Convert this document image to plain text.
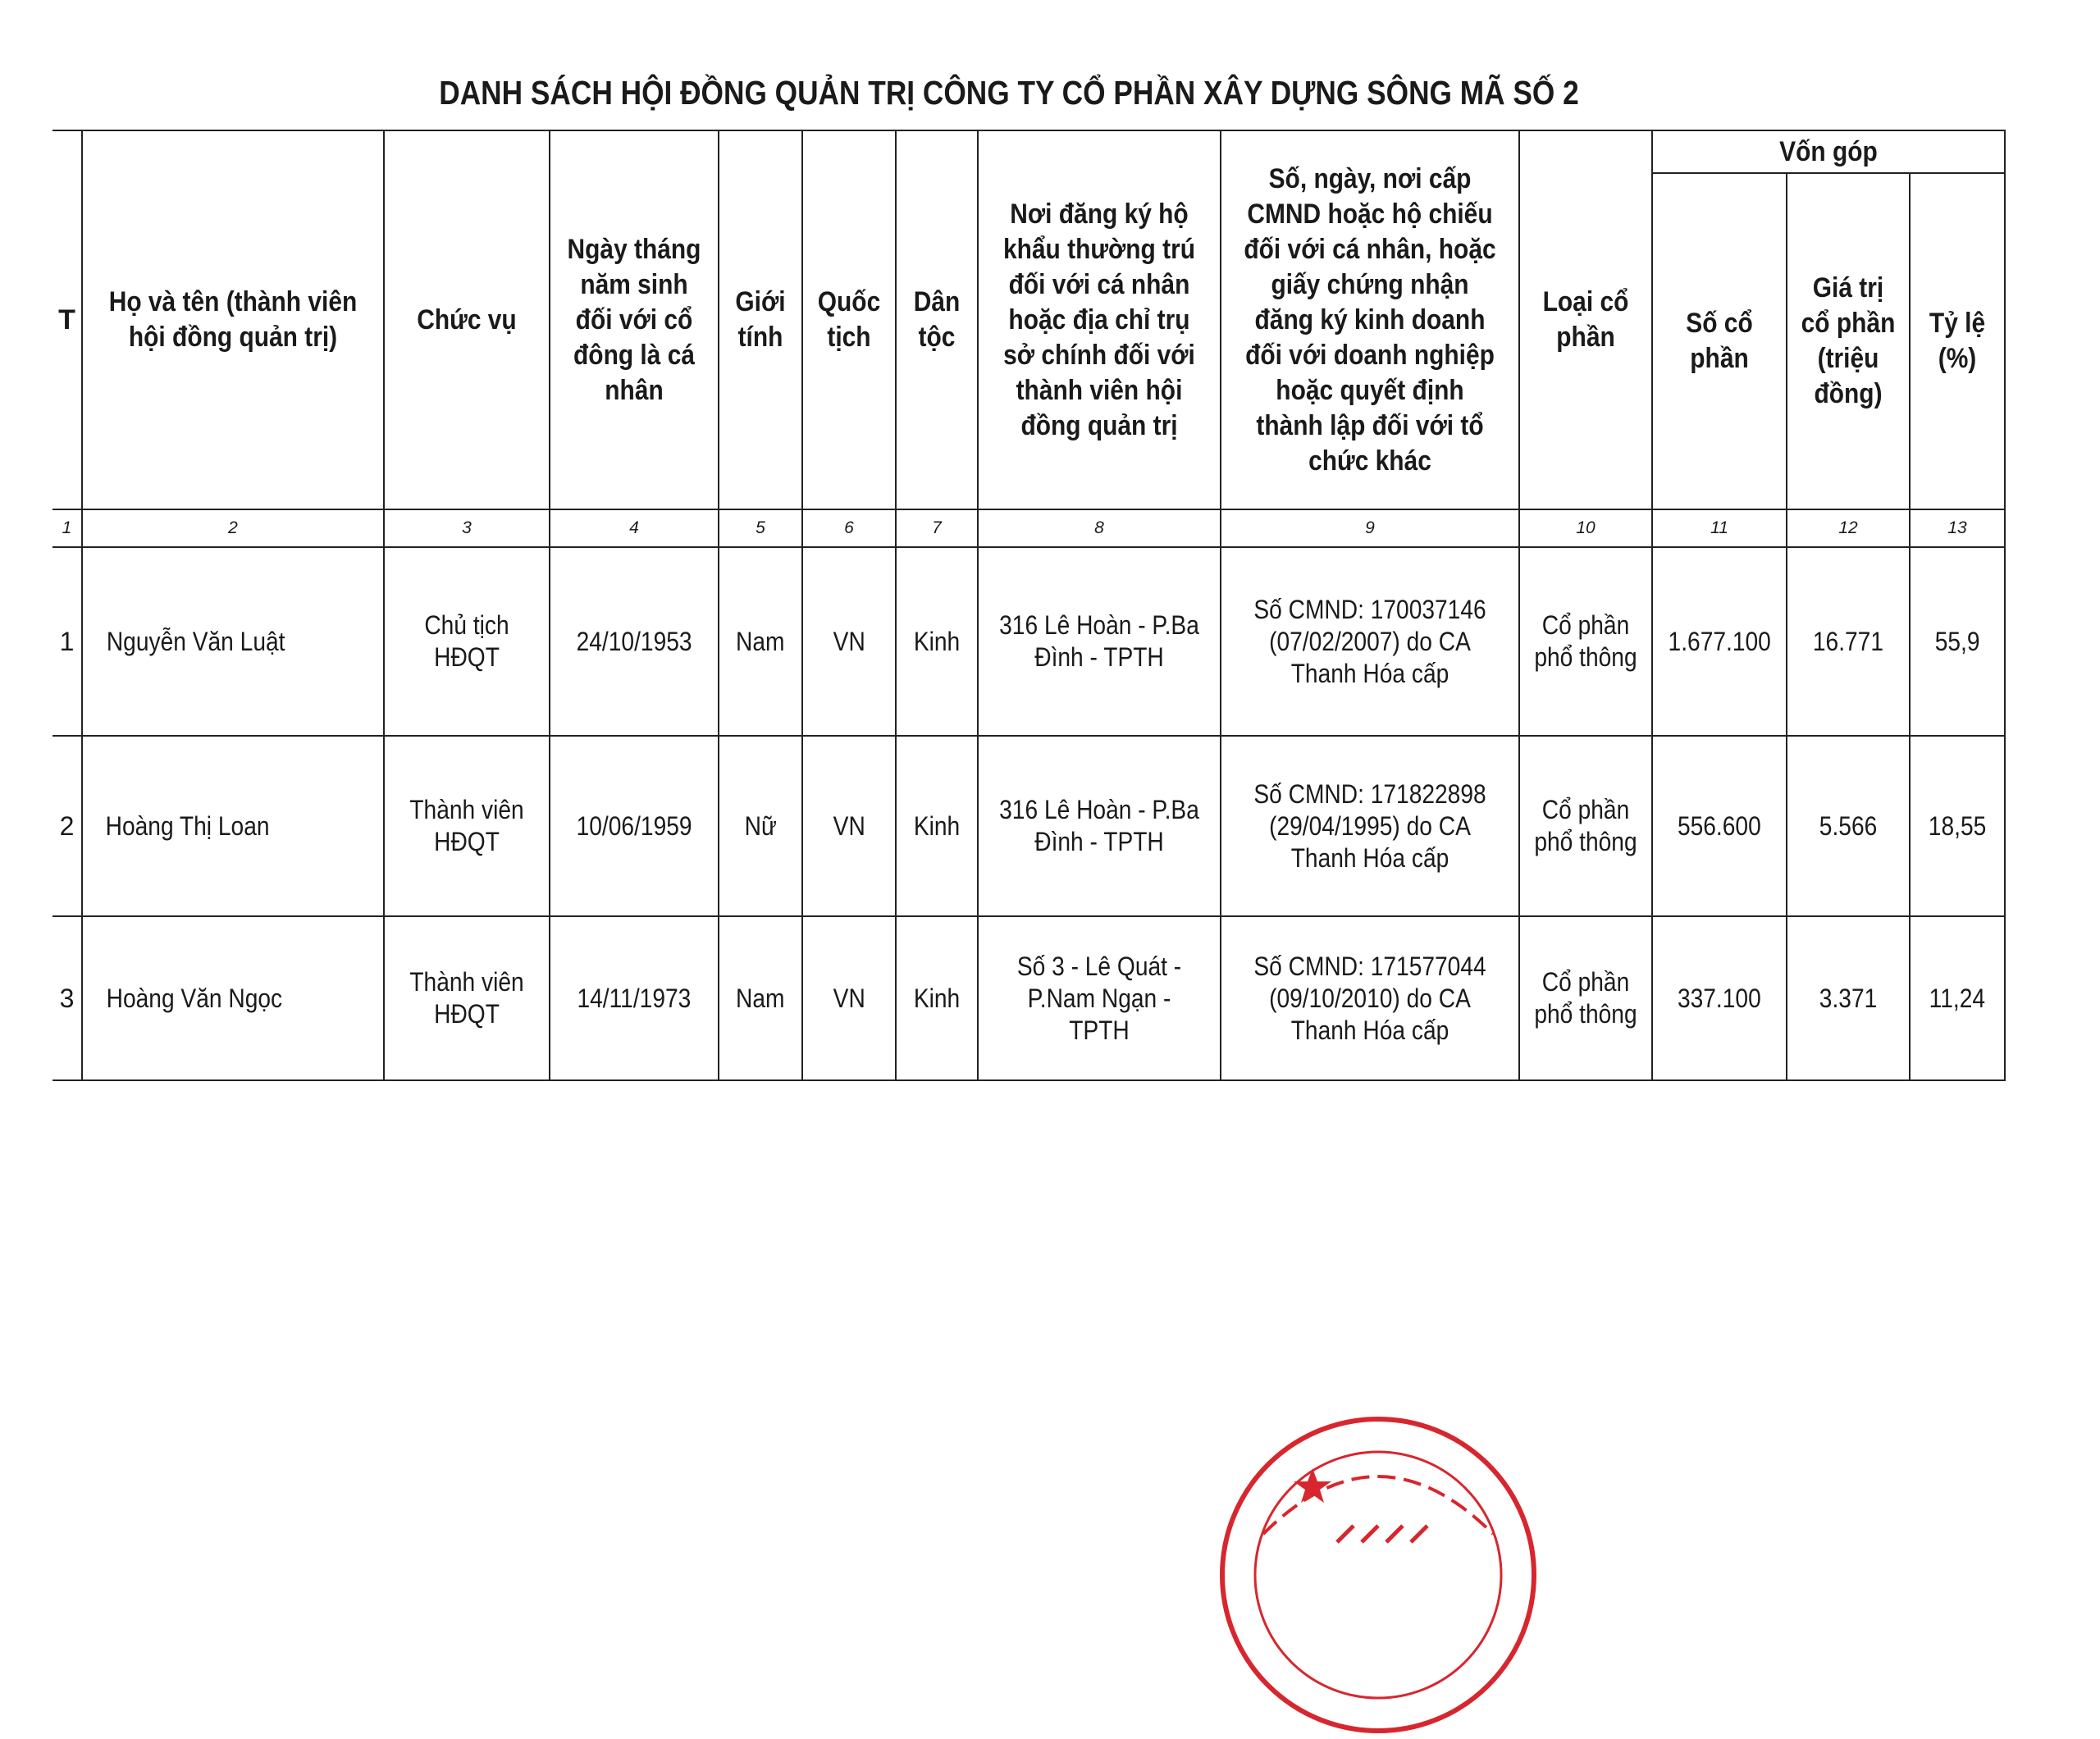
DANH SÁCH HỘI ĐỒNG QUẢN TRỊ CÔNG TY CỔ PHẦN XÂY DỰNG SÔNG MÃ SỐ 2
T	Họ và tên (thành viên hội đồng quản trị)	Chức vụ	Ngày tháng năm sinh đối với cổ đông là cá nhân	Giới tính	Quốc tịch	Dân tộc	Nơi đăng ký hộ khẩu thường trú đối với cá nhân hoặc địa chỉ trụ sở chính đối với thành viên hội đồng quản trị	Số, ngày, nơi cấp CMND hoặc hộ chiếu đối với cá nhân, hoặc giấy chứng nhận đăng ký kinh doanh đối với doanh nghiệp hoặc quyết định thành lập đối với tổ chức khác	Loại cổ phần	Vốn góp		
										Số cổ phần	Giá trị cổ phần (triệu đồng)	Tỷ lệ (%)
1	2	3	4	5	6	7	8	9	10	11	12	13
1	Nguyễn Văn Luật	Chủ tịch HĐQT	24/10/1953	Nam	VN	Kinh	316 Lê Hoàn - P.Ba Đình - TPTH	Số CMND: 170037146 (07/02/2007) do CA Thanh Hóa cấp	Cổ phần phổ thông	1.677.100	16.771	55,9
2	Hoàng Thị Loan	Thành viên HĐQT	10/06/1959	Nữ	VN	Kinh	316 Lê Hoàn - P.Ba Đình - TPTH	Số CMND: 171822898 (29/04/1995) do CA Thanh Hóa cấp	Cổ phần phổ thông	556.600	5.566	18,55
3	Hoàng Văn Ngọc	Thành viên HĐQT	14/11/1973	Nam	VN	Kinh	Số 3 - Lê Quát - P.Nam Ngạn - TPTH	Số CMND: 171577044 (09/10/2010) do CA Thanh Hóa cấp	Cổ phần phổ thông	337.100	3.371	11,24
